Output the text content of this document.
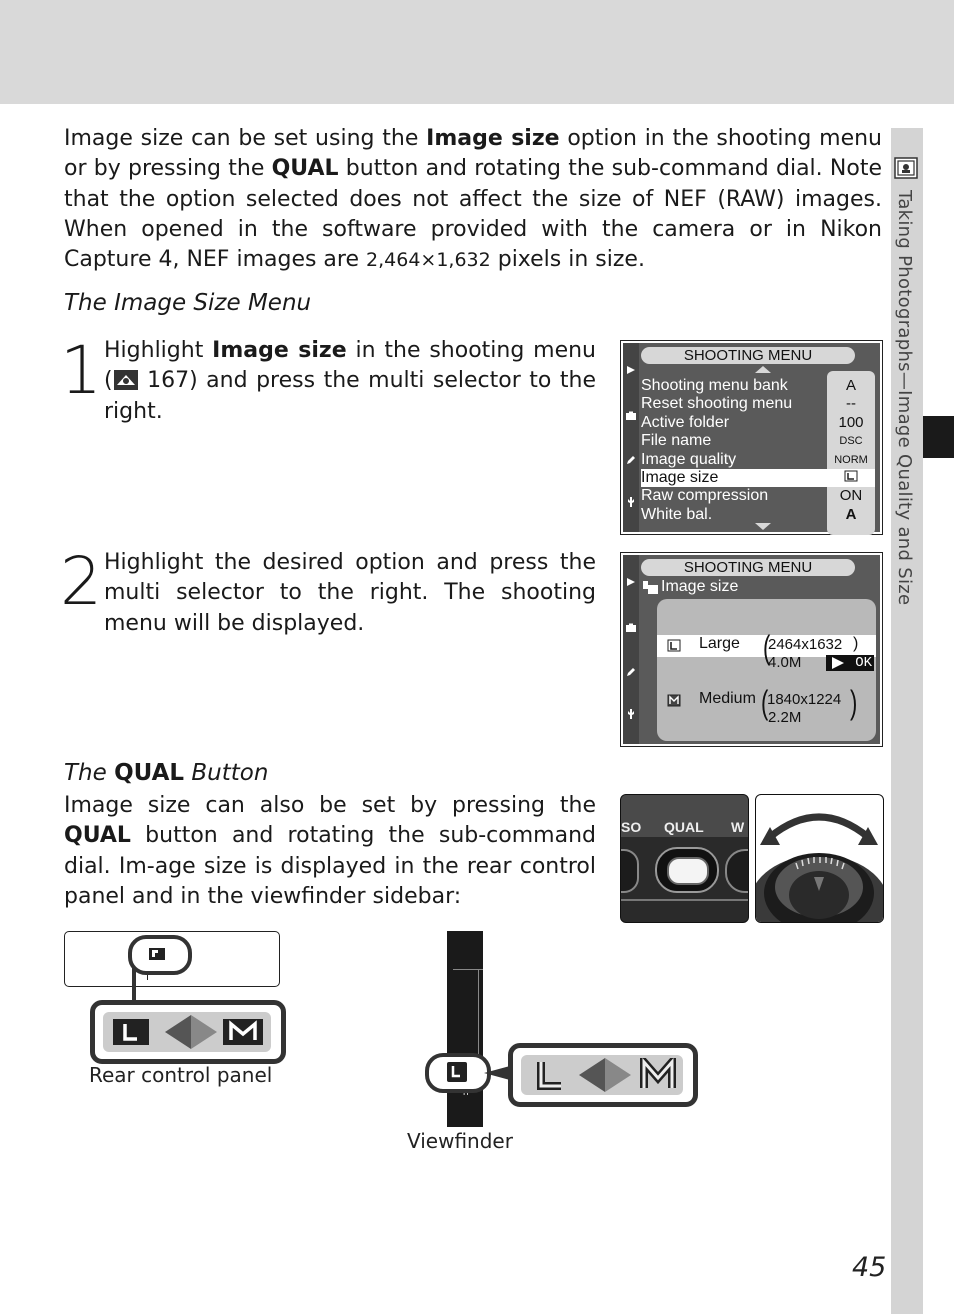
Taking Photographs—Image Quality and Size

Image size can be set using the Image size option in the shooting menu or by pressing the QUAL button and rotating the sub-command dial. Note that the option selected does not affect the size of NEF (RAW) images. When opened in the software provided with the camera or in Nikon Capture 4, NEF images are 2,464×1,632 pixels in size.

The Image Size Menu
1 Highlight Image size in the shooting menu ( 167) and press the multi selector to the right.

2 Highlight the desired option and press the multi selector to the right. The shooting menu will be displayed.

SHOOTING MENU
Shooting menu bank
Reset shooting menu
Active folder
File name
Image quality
Image size
Raw compression
White bal.
A
--
100
DSC
NORM
ON
A
SHOOTING MENU
Image size
Large (
2464x1632 )
4.0M	OK
Medium (
1840x1224 )
2.2M
The QUAL Button

Image size can also be set by pressing the QUAL button and rotating the sub-command dial. Im-age size is displayed in the rear control panel and in the viewfinder sidebar:

SO QUAL W
Rear control panel
Viewfinder
45
